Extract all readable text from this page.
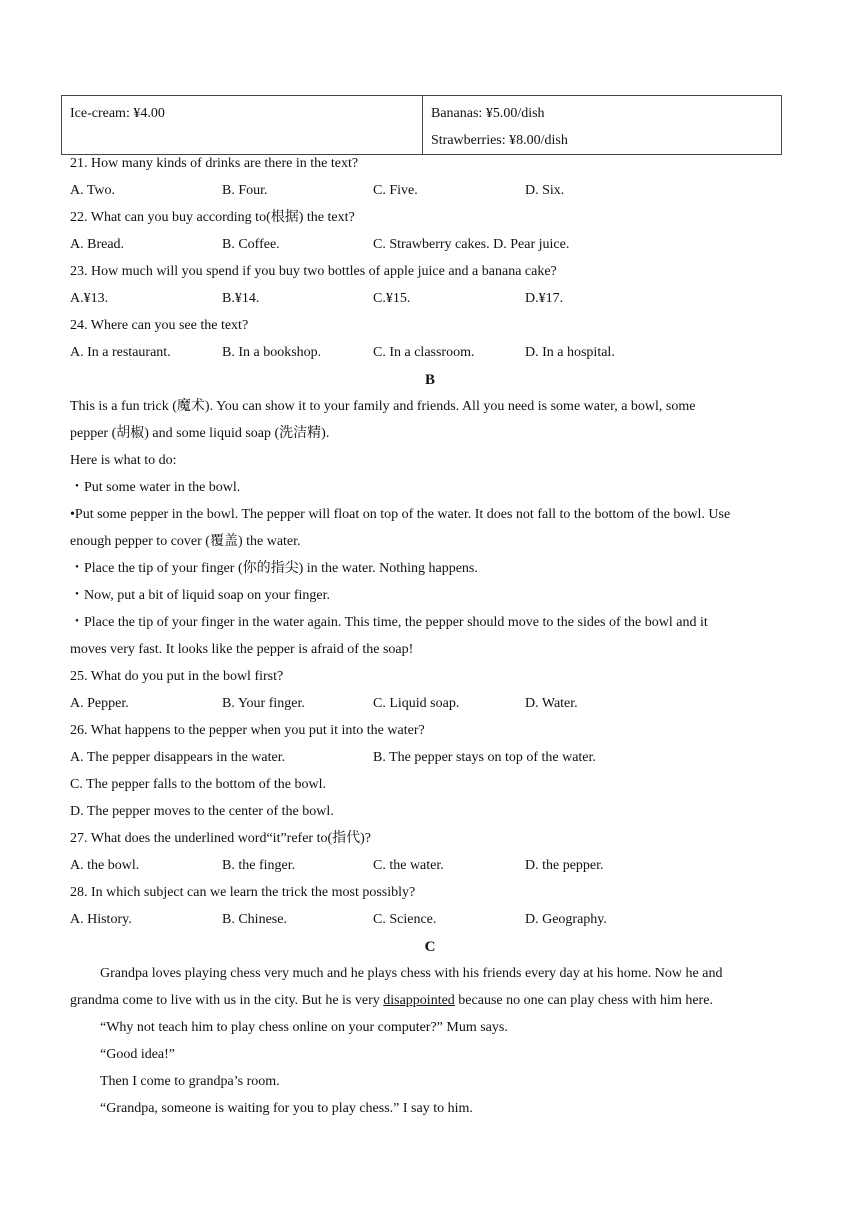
Ice-cream: ¥4.00	Bananas: ¥5.00/dish
Strawberries: ¥8.00/dish
21. How many kinds of drinks are there in the text?
A. Two.	B. Four.	C. Five.	D. Six.
22. What can you buy according to(根据) the text?
A. Bread.	B. Coffee.	C. Strawberry cakes. D. Pear juice.
23. How much will you spend if you buy two bottles of apple juice and a banana cake?
A.¥13.	B.¥14.	C.¥15.	D.¥17.
24. Where can you see the text?
A. In a restaurant.	B. In a bookshop.	C. In a classroom.	D. In a hospital.
B
This is a fun trick (魔术). You can show it to your family and friends. All you need is some water, a bowl, some
pepper (胡椒) and some liquid soap (洗洁精).
Here is what to do:
・Put some water in the bowl.
•Put some pepper in the bowl. The pepper will float on top of the water. It does not fall to the bottom of the bowl. Use
enough pepper to cover (覆盖) the water.
・Place the tip of your finger (你的指尖) in the water. Nothing happens.
・Now, put a bit of liquid soap on your finger.
・Place the tip of your finger in the water again. This time, the pepper should move to the sides of the bowl and it
moves very fast. It looks like the pepper is afraid of the soap!
25. What do you put in the bowl first?
A. Pepper.	B. Your finger.	C. Liquid soap.	D. Water.
26. What happens to the pepper when you put it into the water?
A. The pepper disappears in the water.	B. The pepper stays on top of the water.
C. The pepper falls to the bottom of the bowl.
D. The pepper moves to the center of the bowl.
27. What does the underlined word“it”refer to(指代)?
A. the bowl.	B. the finger.	C. the water.	D. the pepper.
28. In which subject can we learn the trick the most possibly?
A. History.	B. Chinese.	C. Science.	D. Geography.
C
Grandpa loves playing chess very much and he plays chess with his friends every day at his home. Now he and
grandma come to live with us in the city. But he is very disappointed because no one can play chess with him here.
“Why not teach him to play chess online on your computer?” Mum says.
“Good idea!”
Then I come to grandpa’s room.
“Grandpa, someone is waiting for you to play chess.” I say to him.
